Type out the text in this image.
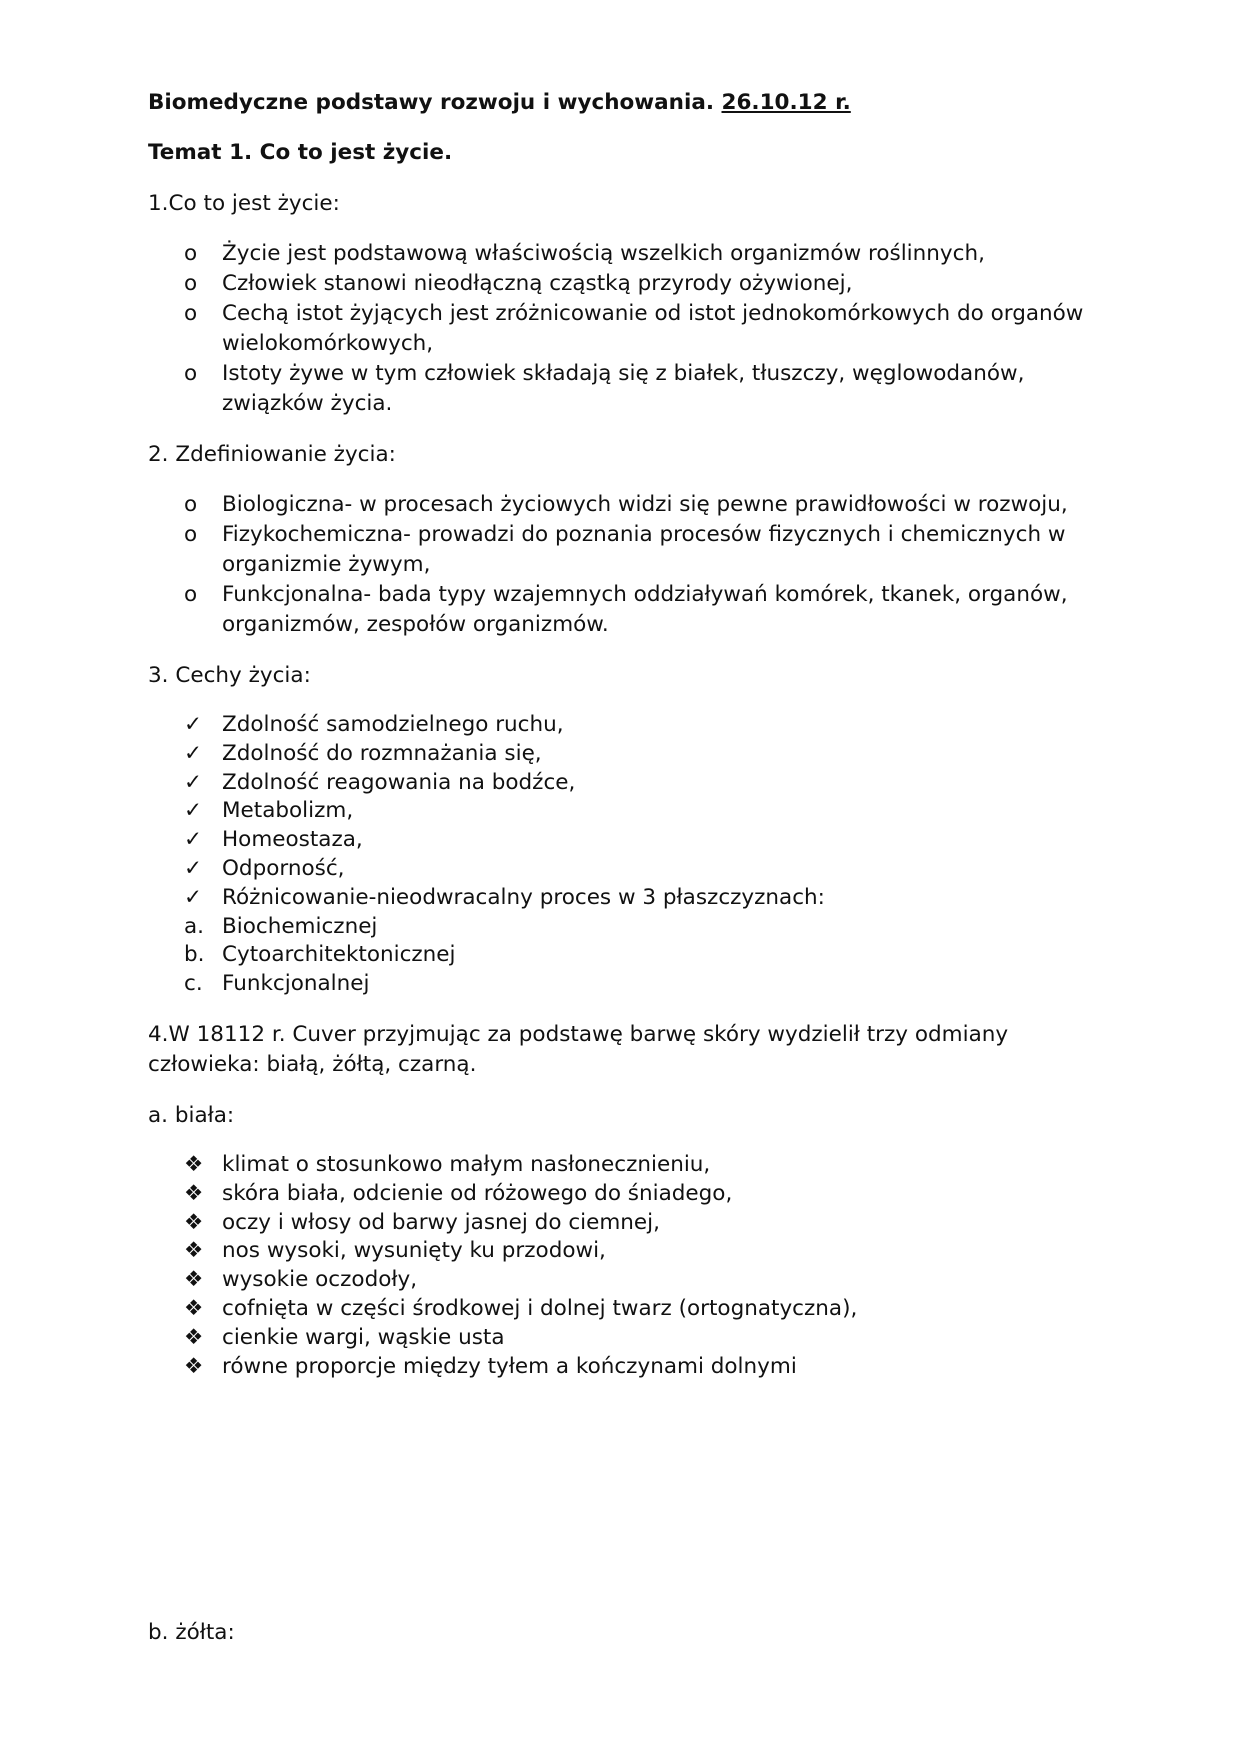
Biomedyczne podstawy rozwoju i wychowania. 26.10.12 r.

Temat 1. Co to jest życie.

1.Co to jest życie:

o	Życie jest podstawową właściwością wszelkich organizmów roślinnych,
o	Człowiek stanowi nieodłączną cząstką przyrody ożywionej,
o	Cechą istot żyjących jest zróżnicowanie od istot jednokomórkowych do organów wielokomórkowych,
o	Istoty żywe w tym człowiek składają się z białek, tłuszczy, węglowodanów, związków życia.

2. Zdefiniowanie życia:

o	Biologiczna- w procesach życiowych widzi się pewne prawidłowości w rozwoju,
o	Fizykochemiczna- prowadzi do poznania procesów fizycznych i chemicznych w organizmie żywym,
o	Funkcjonalna- bada typy wzajemnych oddziaływań komórek, tkanek, organów, organizmów, zespołów organizmów.

3. Cechy życia:

✓ Zdolność samodzielnego ruchu,
✓ Zdolność do rozmnażania się,
✓ Zdolność reagowania na bodźce,
✓ Metabolizm,
✓ Homeostaza,
✓ Odporność,
✓ Różnicowanie-nieodwracalny proces w 3 płaszczyznach:
a. Biochemicznej
b. Cytoarchitektonicznej
c. Funkcjonalnej

4.W 18112 r. Cuver przyjmując za podstawę barwę skóry wydzielił trzy odmiany człowieka: białą, żółtą, czarną.

a. biała:

❖ klimat o stosunkowo małym nasłonecznieniu,
❖ skóra biała, odcienie od różowego do śniadego,
❖ oczy i włosy od barwy jasnej do ciemnej,
❖ nos wysoki, wysunięty ku przodowi,
❖ wysokie oczodoły,
❖ cofnięta w części środkowej i dolnej twarz (ortognatyczna),
❖ cienkie wargi, wąskie usta
❖ równe proporcje między tyłem a kończynami dolnymi

b. żółta:
